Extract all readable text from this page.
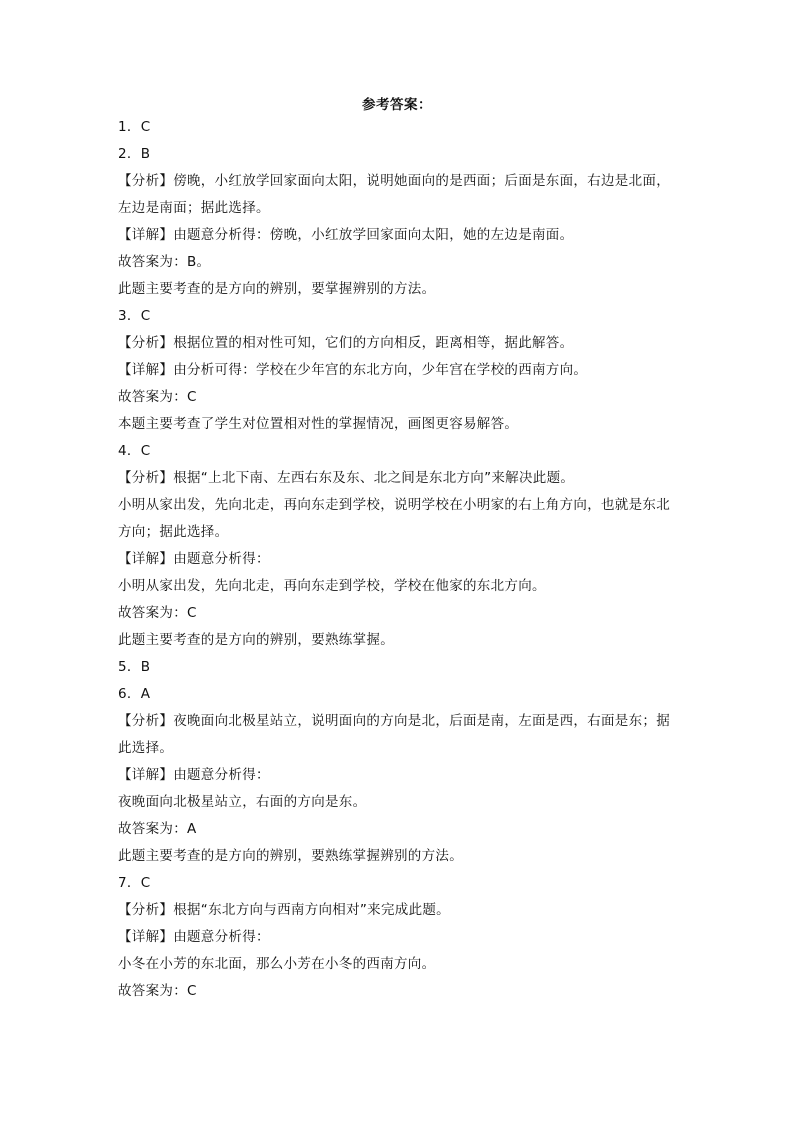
参考答案：
1．C
2．B
【分析】傍晚，小红放学回家面向太阳，说明她面向的是西面；后面是东面，右边是北面，
左边是南面；据此选择。
【详解】由题意分析得：傍晚，小红放学回家面向太阳，她的左边是南面。
故答案为：B。
此题主要考查的是方向的辨别，要掌握辨别的方法。
3．C
【分析】根据位置的相对性可知，它们的方向相反，距离相等，据此解答。
【详解】由分析可得：学校在少年宫的东北方向，少年宫在学校的西南方向。
故答案为：C
本题主要考查了学生对位置相对性的掌握情况，画图更容易解答。
4．C
【分析】根据“上北下南、左西右东及东、北之间是东北方向”来解决此题。
小明从家出发，先向北走，再向东走到学校，说明学校在小明家的右上角方向，也就是东北
方向；据此选择。
【详解】由题意分析得：
小明从家出发，先向北走，再向东走到学校，学校在他家的东北方向。
故答案为：C
此题主要考查的是方向的辨别，要熟练掌握。
5．B
6．A
【分析】夜晚面向北极星站立，说明面向的方向是北，后面是南，左面是西，右面是东；据
此选择。
【详解】由题意分析得：
夜晚面向北极星站立，右面的方向是东。
故答案为：A
此题主要考查的是方向的辨别，要熟练掌握辨别的方法。
7．C
【分析】根据“东北方向与西南方向相对”来完成此题。
【详解】由题意分析得：
小冬在小芳的东北面，那么小芳在小冬的西南方向。
故答案为：C
